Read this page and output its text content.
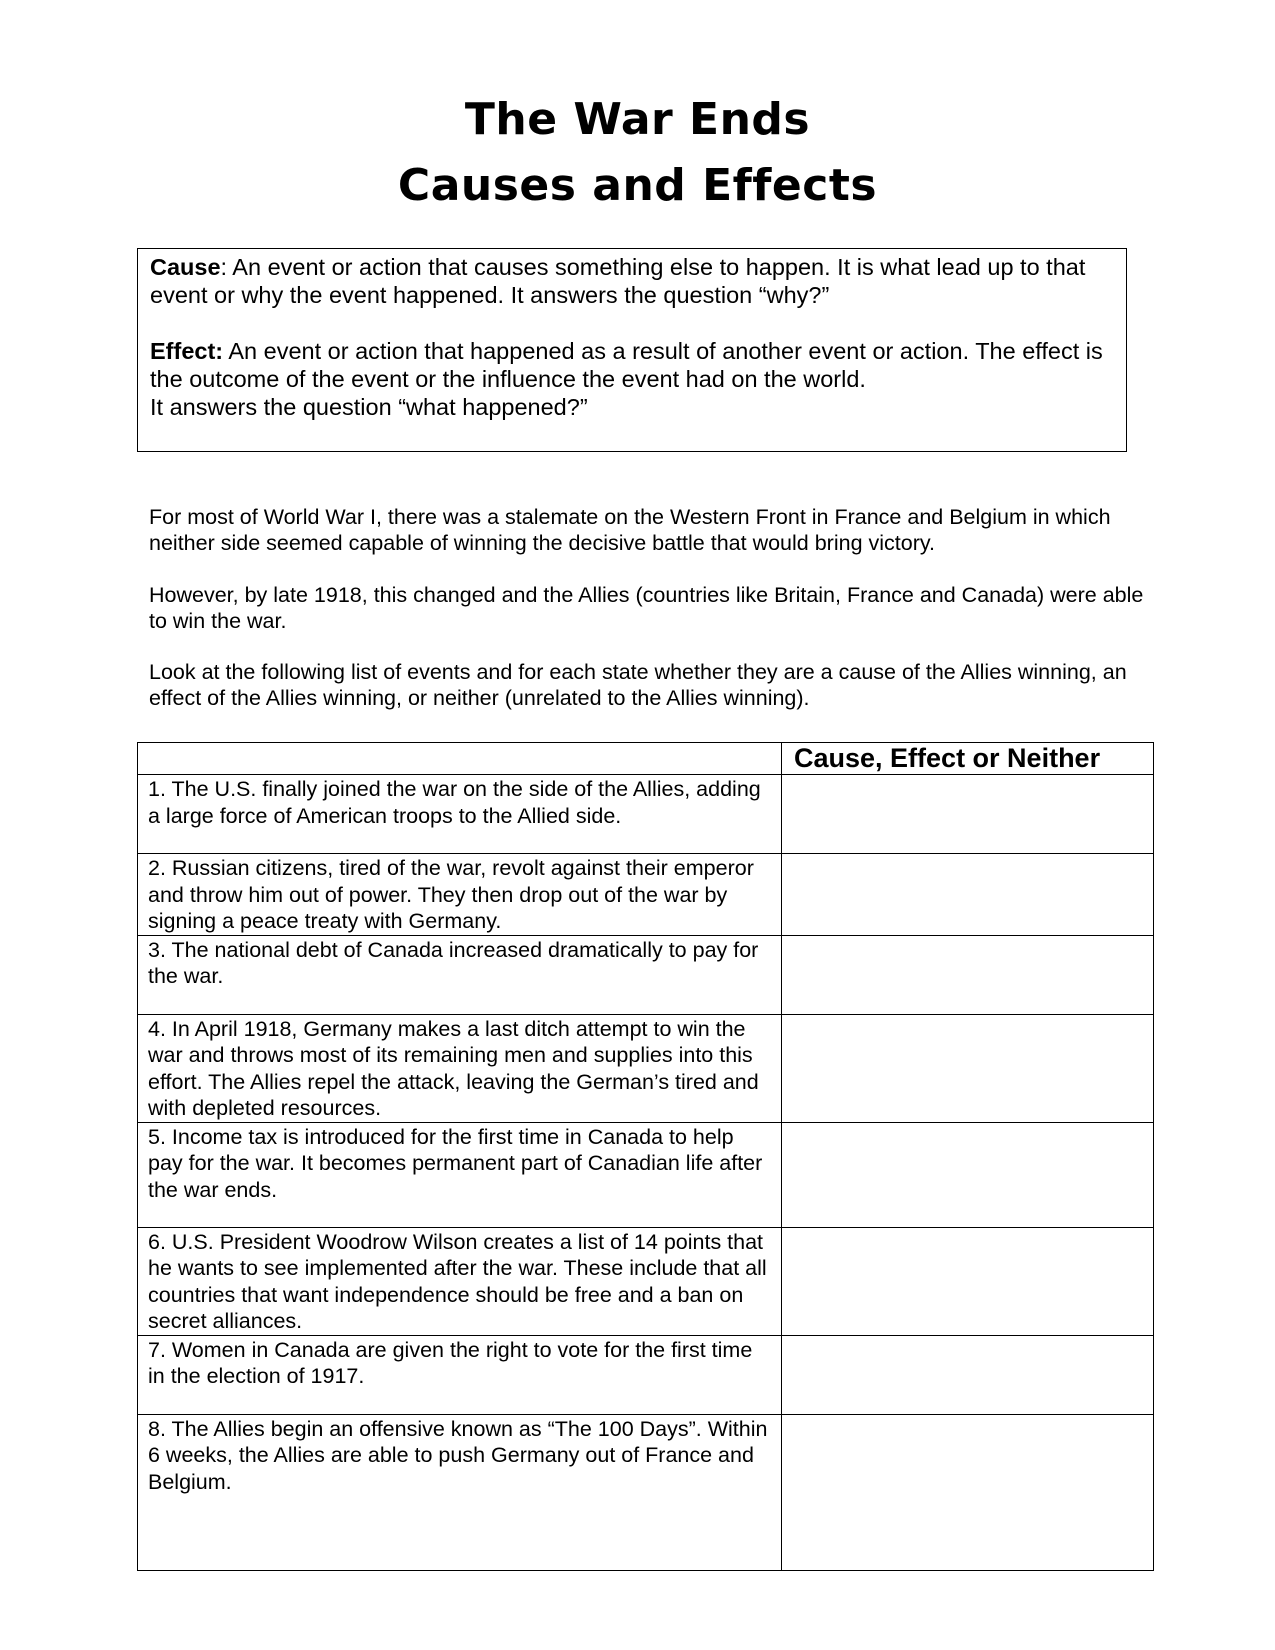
The War Ends
Causes and Effects

Cause: An event or action that causes something else to happen. It is what lead up to that event or why the event happened. It answers the question “why?”

Effect: An event or action that happened as a result of another event or action. The effect is the outcome of the event or the influence the event had on the world.
It answers the question “what happened?”

For most of World War I, there was a stalemate on the Western Front in France and Belgium in which neither side seemed capable of winning the decisive battle that would bring victory.

However, by late 1918, this changed and the Allies (countries like Britain, France and Canada) were able to win the war.

Look at the following list of events and for each state whether they are a cause of the Allies winning, an effect of the Allies winning, or neither (unrelated to the Allies winning).

	Cause, Effect or Neither
1. The U.S. finally joined the war on the side of the Allies, adding a large force of American troops to the Allied side.	
2. Russian citizens, tired of the war, revolt against their emperor and throw him out of power. They then drop out of the war by signing a peace treaty with Germany.	
3. The national debt of Canada increased dramatically to pay for the war.	
4. In April 1918, Germany makes a last ditch attempt to win the war and throws most of its remaining men and supplies into this effort. The Allies repel the attack, leaving the German’s tired and with depleted resources.	
5. Income tax is introduced for the first time in Canada to help pay for the war. It becomes permanent part of Canadian life after the war ends.	
6. U.S. President Woodrow Wilson creates a list of 14 points that he wants to see implemented after the war. These include that all countries that want independence should be free and a ban on secret alliances.	
7. Women in Canada are given the right to vote for the first time in the election of 1917.	
8. The Allies begin an offensive known as “The 100 Days”. Within 6 weeks, the Allies are able to push Germany out of France and Belgium.	
